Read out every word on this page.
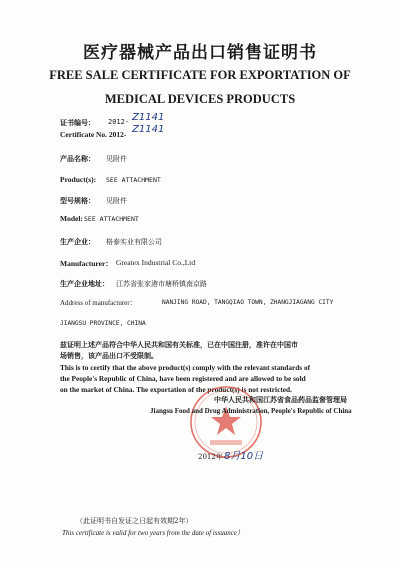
医疗器械产品出口销售证明书
FREE SALE CERTIFICATE FOR EXPORTATION OF
MEDICAL DEVICES PRODUCTS
证书编号： 2012- Z1141
Certificate No. 2012- Z1141
产品名称： 见附件
Product(s): SEE ATTACHMENT
型号规格： 见附件
Model: SEE ATTACHMENT
生产企业： 格泰实业有限公司
Manufacturer： Greatex Industrial Co.,Ltd
生产企业地址： 江苏省张家港市塘桥镇南京路
Address of manufacturer：	NANJING ROAD, TANGQIAO TOWN, ZHANGJIAGANG CITY
JIANGSU PROVINCE, CHINA
兹证明上述产品符合中华人民共和国有关标准，已在中国注册，准许在中国市
场销售，该产品出口不受限制。
This is to certify that the above product(s) comply with the relevant standards of
the People's Republic of China, have been registered and are allowed to be sold
on the market of China. The exportation of the product(s) is not restricted.
中华人民共和国江苏省食品药品监督管理局
Jiangsu Food and Drug Administration, People's Republic of China
2012年 8月10日
（此证明书自发证之日起有效期2年）
This certificate is valid for two years from the date of issuance）
